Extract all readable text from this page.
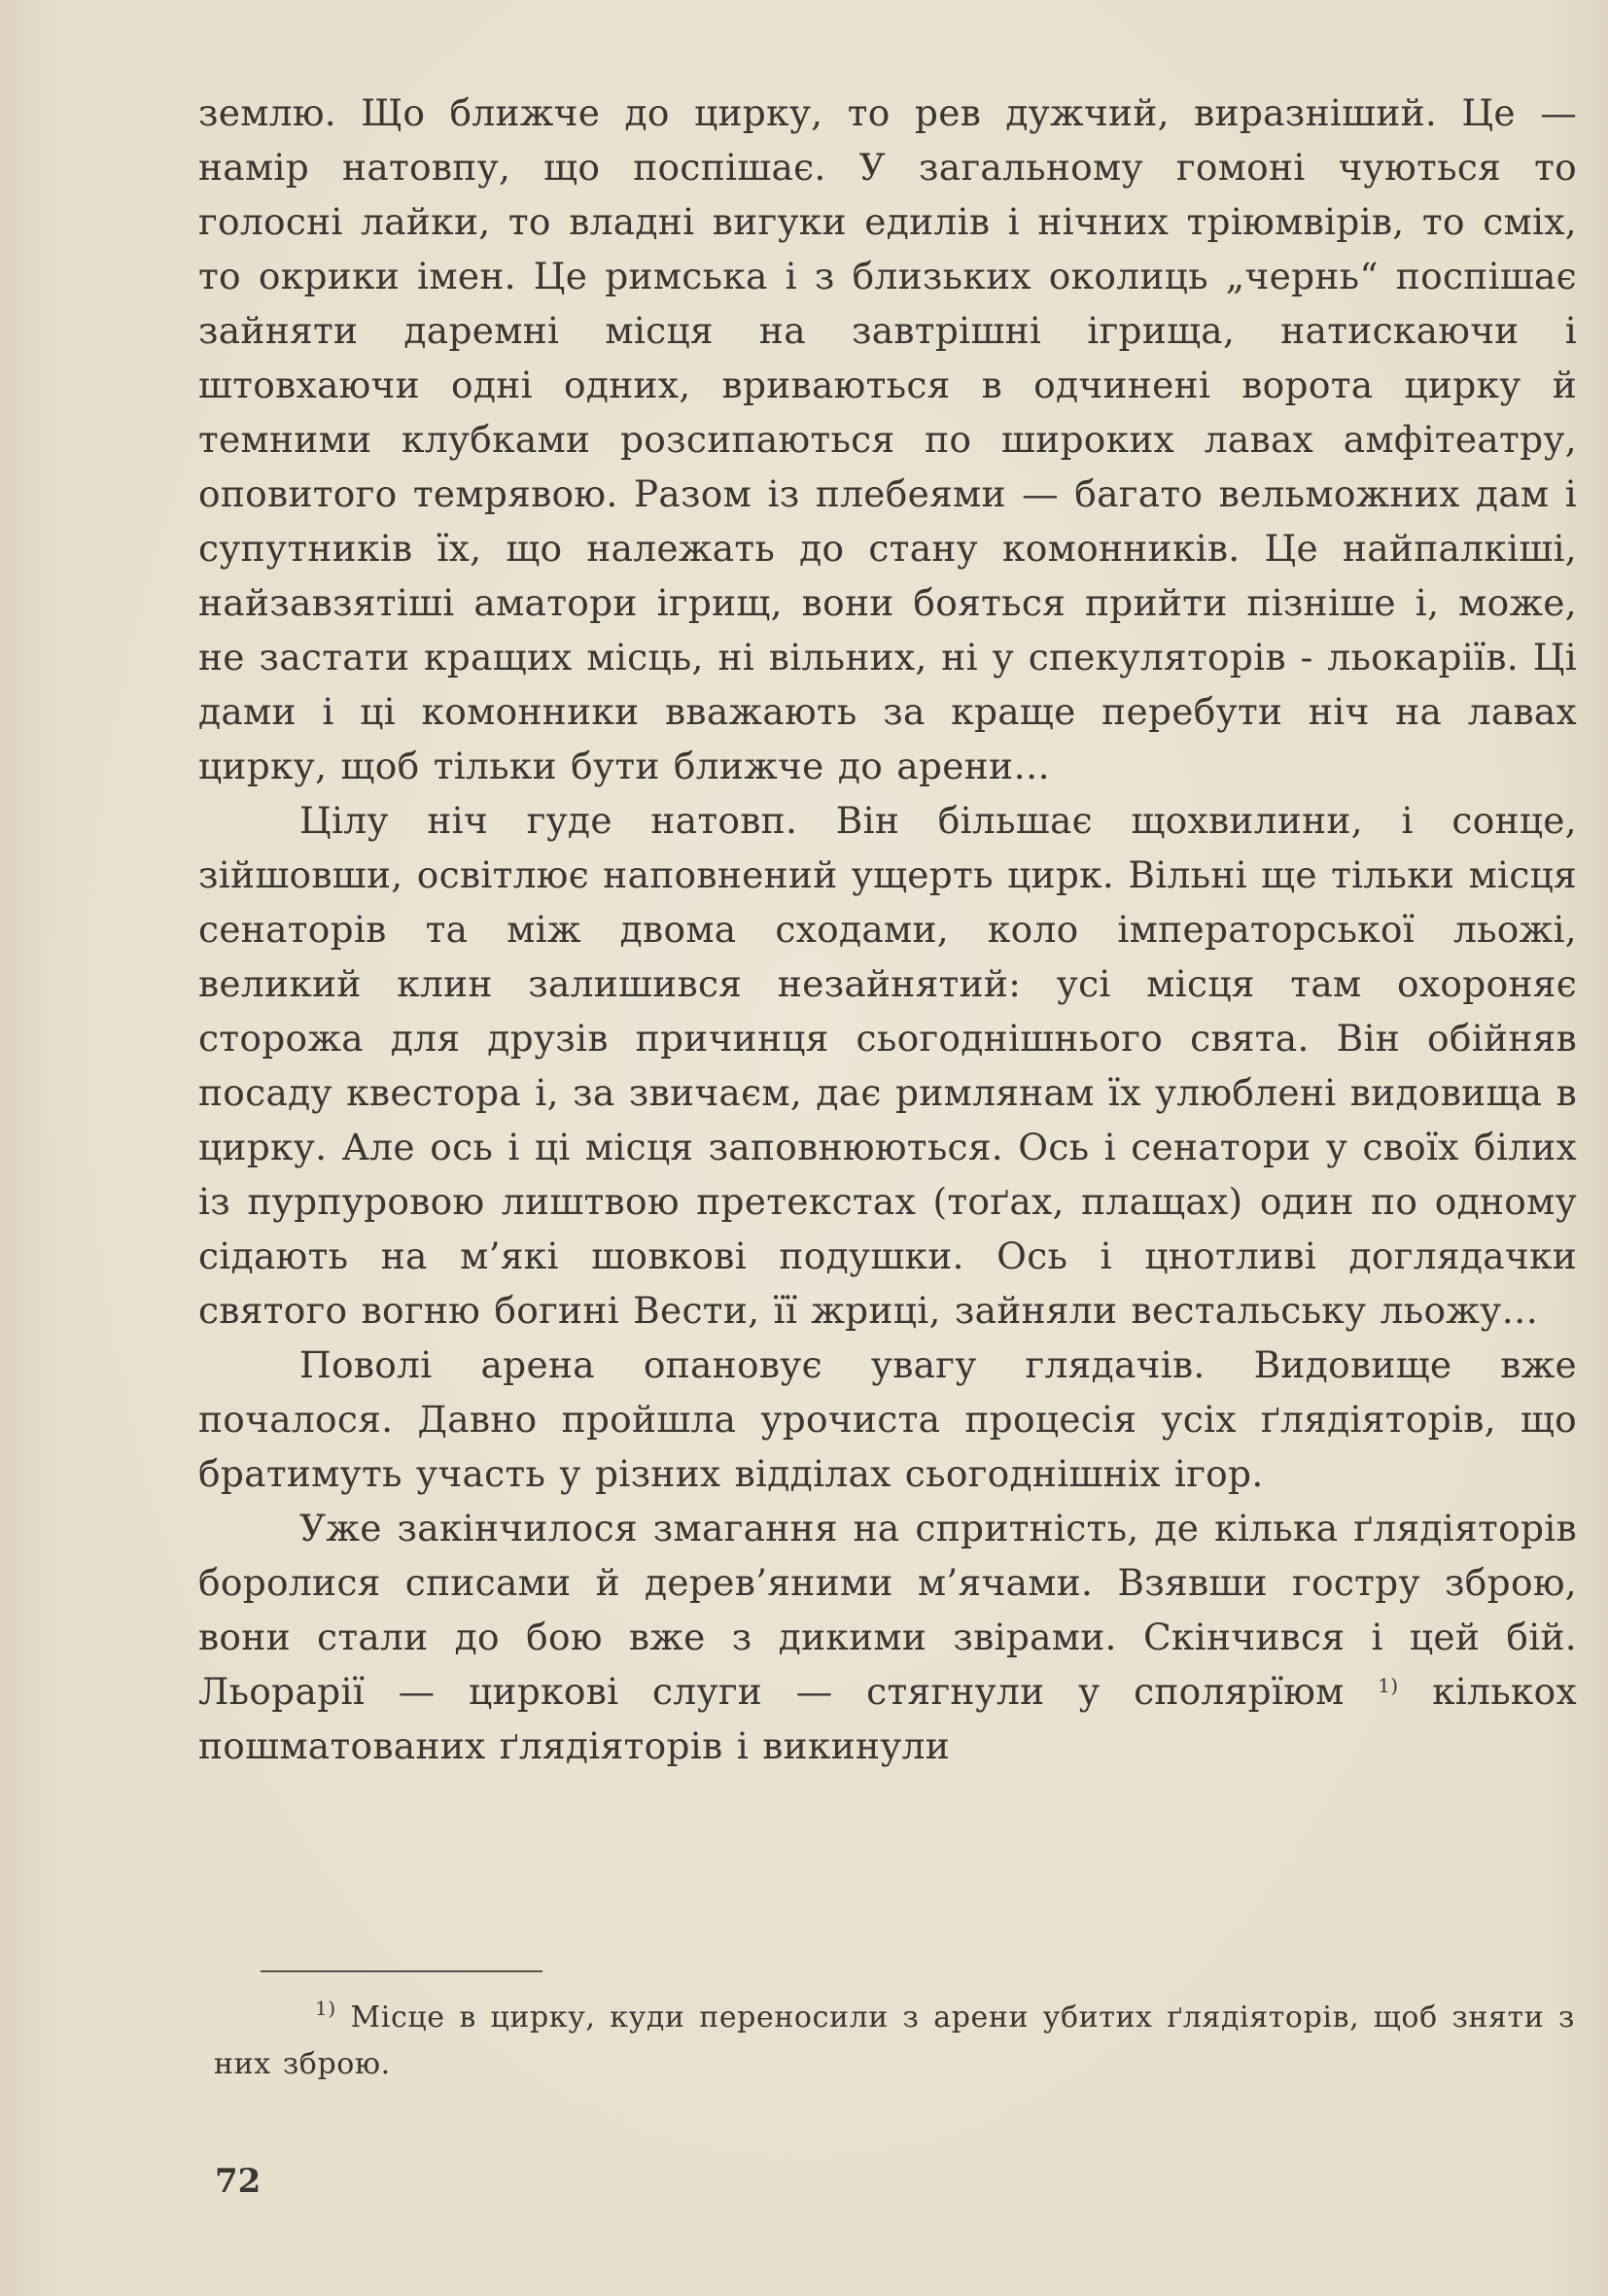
землю. Що ближче до цирку, то рев дужчий, виразніший. Це — намір натовпу, що поспішає. У загальному гомоні чуються то голосні лайки, то владні вигуки едилів і нічних тріюмвірів, то сміх, то окрики імен. Це римська і з близьких околиць „чернь“ поспішає зайняти даремні місця на завтрішні ігрища, натискаючи і штовхаючи одні одних, вриваються в одчинені ворота цирку й темними клубками розсипаються по широких лавах амфітеатру, оповитого темрявою. Разом із плебеями — багато вельможних дам і супутників їх, що належать до стану комонників. Це найпалкіші, найзавзятіші аматори ігрищ, вони бояться прийти пізніше і, може, не застати кращих місць, ні вільних, ні у спекуляторів - льокаріїв. Ці дами і ці комонники вважають за краще перебути ніч на лавах цирку, щоб тільки бути ближче до арени…

Цілу ніч гуде натовп. Він більшає щохвилини, і сонце, зійшовши, освітлює наповнений ущерть цирк. Вільні ще тільки місця сенаторів та між двома сходами, коло імператорської льожі, великий клин залишився незайнятий: усі місця там охороняє сторожа для друзів причинця сьогоднішнього свята. Він обійняв посаду квестора і, за звичаєм, дає римлянам їх улюблені видовища в цирку. Але ось і ці місця заповнюються. Ось і сенатори у своїх білих із пурпуровою лиштвою претекстах (тоґах, плащах) один по одному сідають на м’які шовкові подушки. Ось і цнотливі доглядачки святого вогню богині Вести, її жриці, зайняли вестальську льожу…

Поволі арена опановує увагу глядачів. Видовище вже почалося. Давно пройшла урочиста процесія усіх ґлядіяторів, що братимуть участь у різних відділах сьогоднішніх ігор.

Уже закінчилося змагання на спритність, де кілька ґлядіяторів боролися списами й дерев’яними м’ячами. Взявши гостру зброю, вони стали до бою вже з дикими звірами. Скінчився і цей бій. Льорарії — циркові слуги — стягнули у сполярїюм $^{1)}$ кількох пошматованих ґлядіяторів і викинули

$^{1)}$ Місце в цирку, куди переносили з арени убитих ґлядіяторів, щоб зняти з них зброю.

72
